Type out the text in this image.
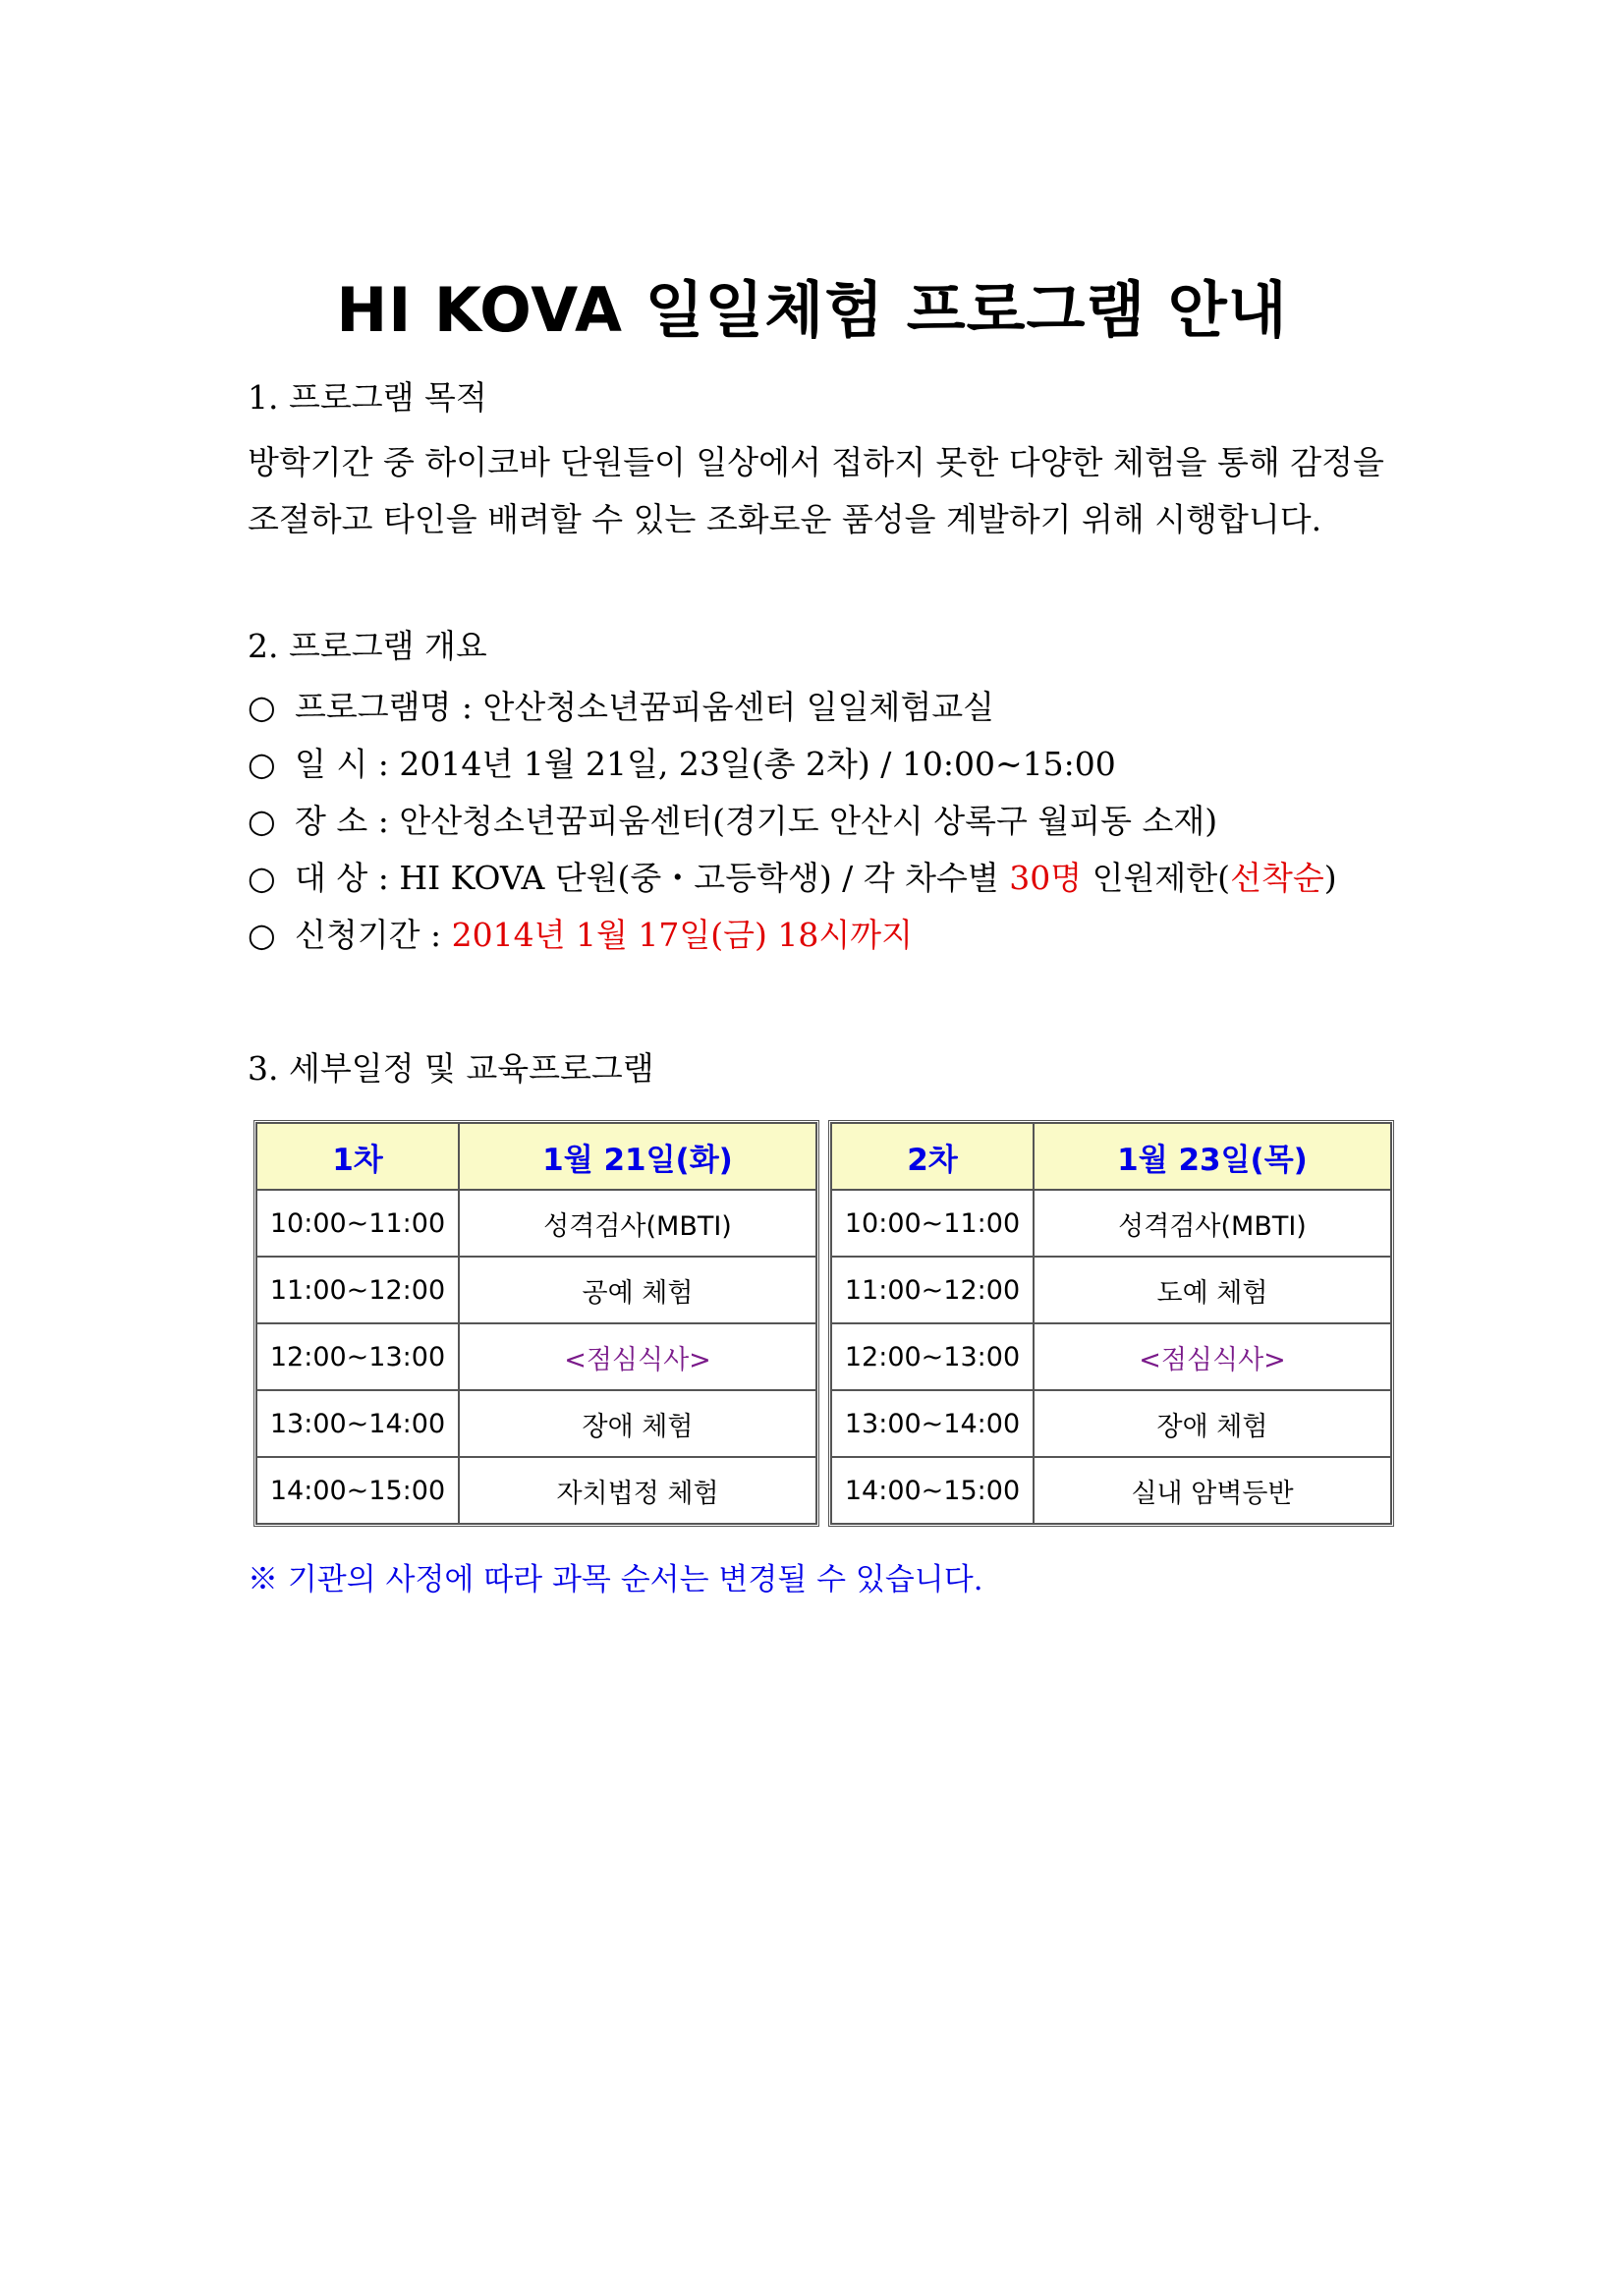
HI KOVA 일일체험 프로그램 안내
1. 프로그램 목적
방학기간 중 하이코바 단원들이 일상에서 접하지 못한 다양한 체험을 통해 감정을
조절하고 타인을 배려할 수 있는 조화로운 품성을 계발하기 위해 시행합니다.
2. 프로그램 개요
○ 프로그램명 : 안산청소년꿈피움센터 일일체험교실
○ 일 시 : 2014년 1월 21일, 23일(총 2차) / 10:00~15:00
○ 장 소 : 안산청소년꿈피움센터(경기도 안산시 상록구 월피동 소재)
○ 대 상 : HI KOVA 단원(중・고등학생) / 각 차수별 30명 인원제한(선착순)
○ 신청기간 : 2014년 1월 17일(금) 18시까지
3. 세부일정 및 교육프로그램
1차	1월 21일(화)
10:00~11:00	성격검사(MBTI)
11:00~12:00	공예 체험
12:00~13:00	<점심식사>
13:00~14:00	장애 체험
14:00~15:00	자치법정 체험
2차	1월 23일(목)
10:00~11:00	성격검사(MBTI)
11:00~12:00	도예 체험
12:00~13:00	<점심식사>
13:00~14:00	장애 체험
14:00~15:00	실내 암벽등반
※ 기관의 사정에 따라 과목 순서는 변경될 수 있습니다.
